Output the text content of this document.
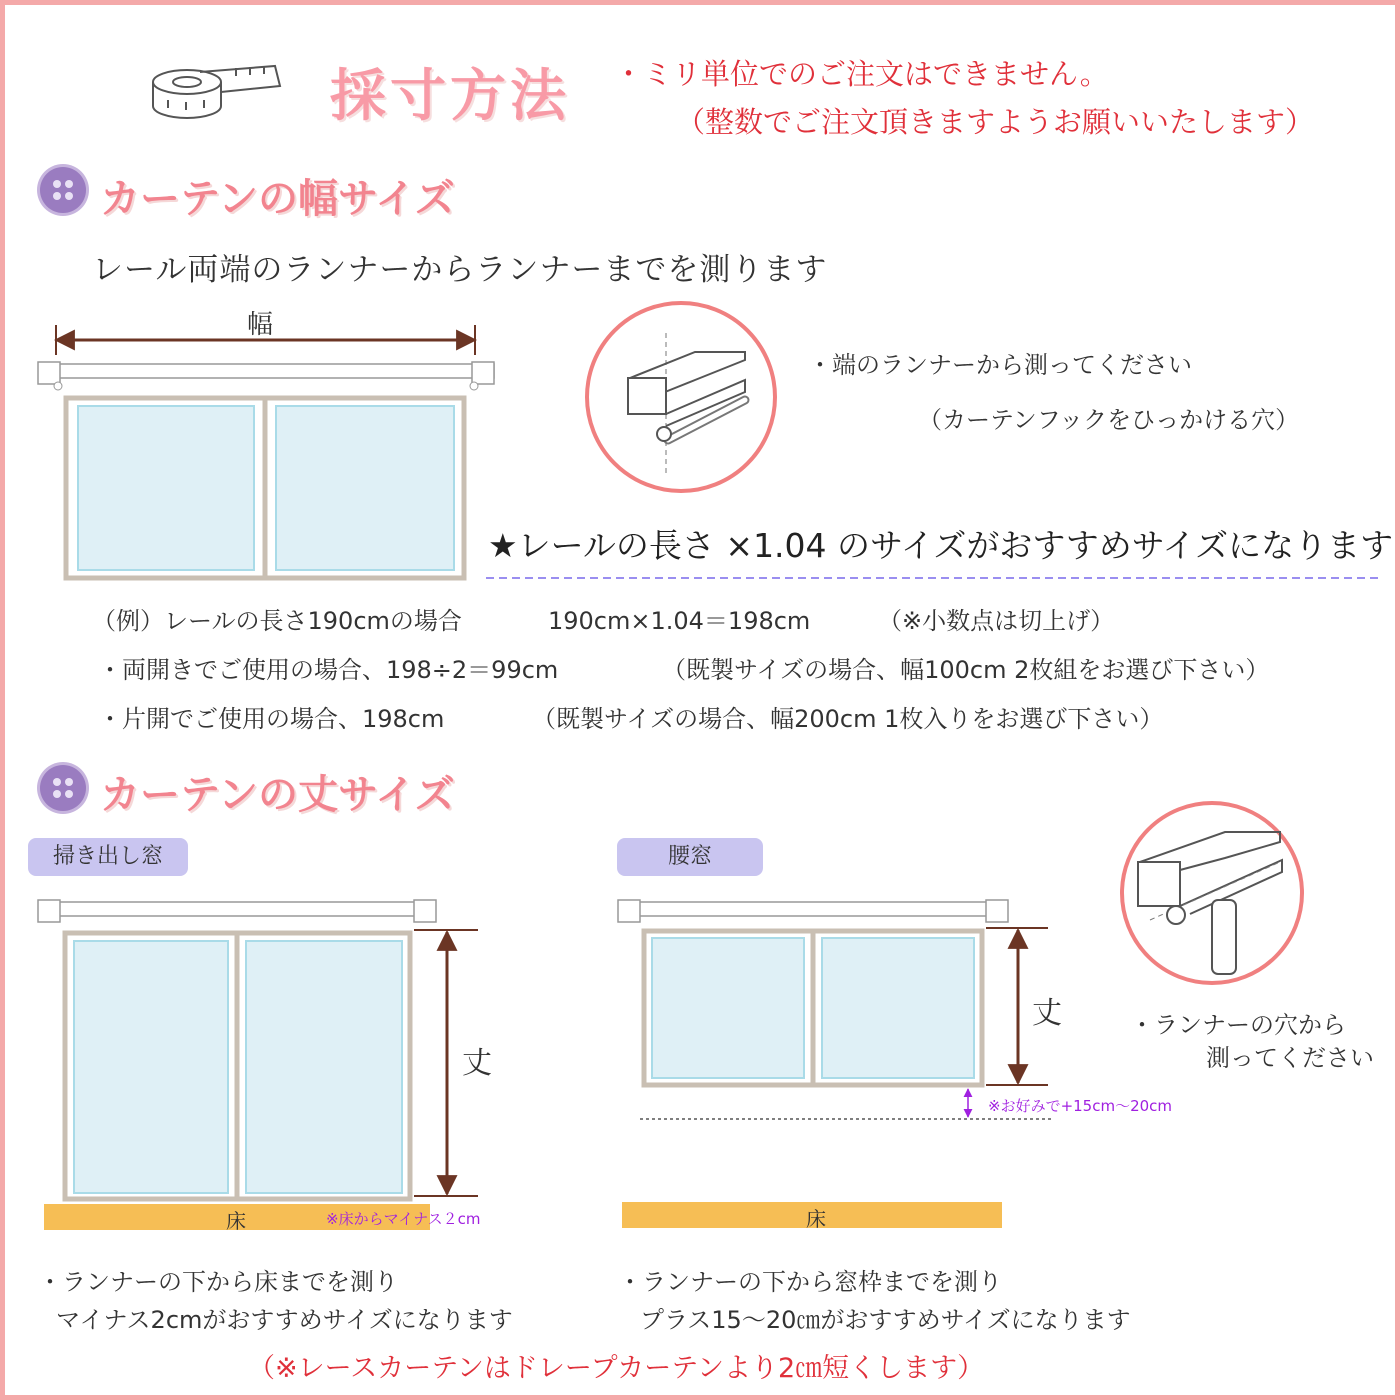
採寸方法 ・ミリ単位でのご注文はできません。
（整数でご注文頂きますようお願いいたします）
カーテンの幅サイズ
レール両端のランナーからランナーまでを測ります
幅
・端のランナーから測ってください
（カーテンフックをひっかける穴）
★レールの長さ ×1.04 のサイズがおすすめサイズになります
（例）レールの長さ190cmの場合	190cm×1.04＝198cm	（※小数点は切上げ）
・両開きでご使用の場合、198÷2＝99cm	（既製サイズの場合、幅100cm 2枚組をお選び下さい）
・片開でご使用の場合、198cm	（既製サイズの場合、幅200cm 1枚入りをお選び下さい）
カーテンの丈サイズ
掃き出し窓	腰窓
丈
床	※床からマイナス２cm
丈
床
※お好みで+15cm～20cm
・ランナーの穴から
測ってください
・ランナーの下から床までを測り
マイナス2cmがおすすめサイズになります
・ランナーの下から窓枠までを測り
プラス15～20㎝がおすすめサイズになります
（※レースカーテンはドレープカーテンより2㎝短くします）
